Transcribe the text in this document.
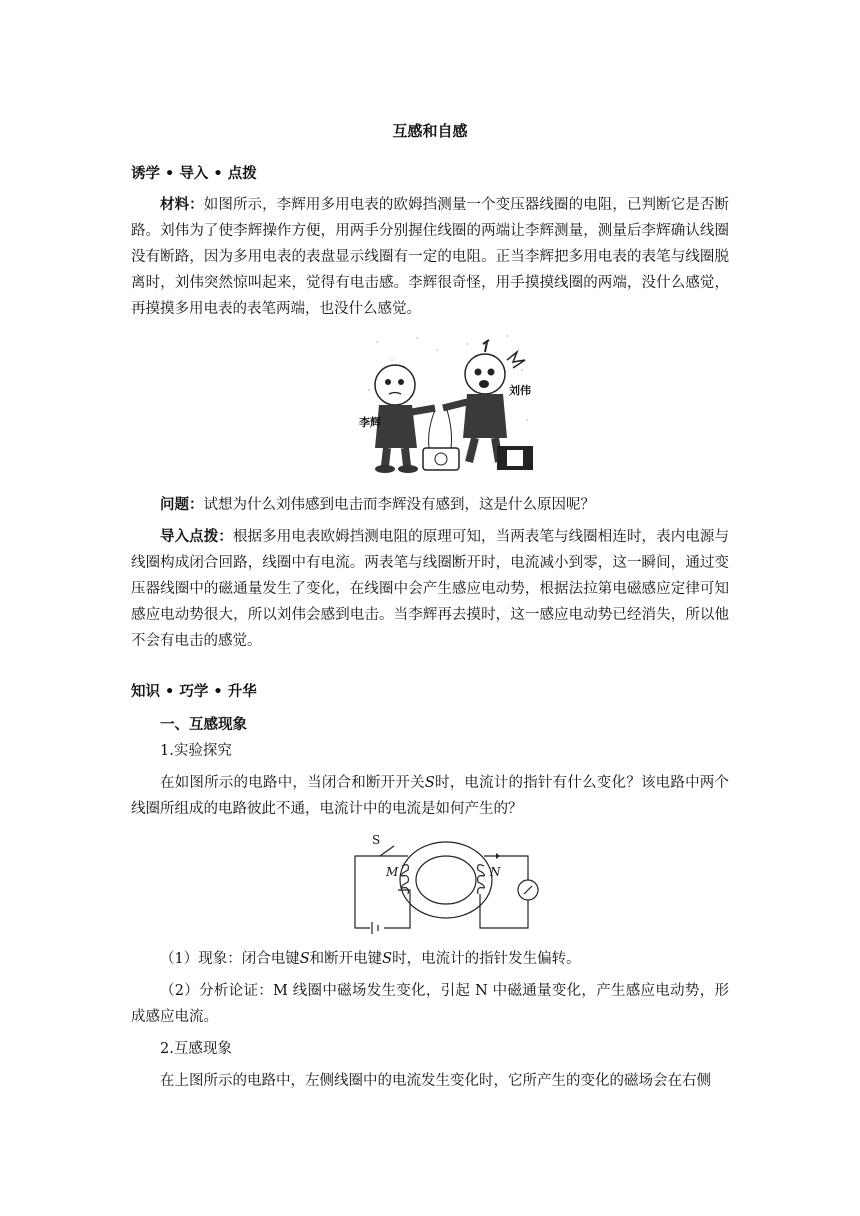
互感和自感
诱学 • 导入 • 点拨

材料：如图所示，李辉用多用电表的欧姆挡测量一个变压器线圈的电阻，已判断它是否断路。刘伟为了使李辉操作方便，用两手分别握住线圈的两端让李辉测量，测量后李辉确认线圈没有断路，因为多用电表的表盘显示线圈有一定的电阻。正当李辉把多用电表的表笔与线圈脱离时，刘伟突然惊叫起来，觉得有电击感。李辉很奇怪，用手摸摸线圈的两端，没什么感觉，再摸摸多用电表的表笔两端，也没什么感觉。

李辉
刘伟

问题：试想为什么刘伟感到电击而李辉没有感到，这是什么原因呢？

导入点拨：根据多用电表欧姆挡测电阻的原理可知，当两表笔与线圈相连时，表内电源与线圈构成闭合回路，线圈中有电流。两表笔与线圈断开时，电流减小到零，这一瞬间，通过变压器线圈中的磁通量发生了变化，在线圈中会产生感应电动势，根据法拉第电磁感应定律可知感应电动势很大，所以刘伟会感到电击。当李辉再去摸时，这一感应电动势已经消失，所以他不会有电击的感觉。

知识 • 巧学 • 升华
一、互感现象
1.实验探究

在如图所示的电路中，当闭合和断开开关S时，电流计的指针有什么变化？该电路中两个线圈所组成的电路彼此不通，电流计中的电流是如何产生的？

S
M	N
（1）现象：闭合电键S和断开电键S时，电流计的指针发生偏转。

（2）分析论证：M 线圈中磁场发生变化，引起 N 中磁通量变化，产生感应电动势，形成感应电流。

2.互感现象

在上图所示的电路中，左侧线圈中的电流发生变化时，它所产生的变化的磁场会在右侧
